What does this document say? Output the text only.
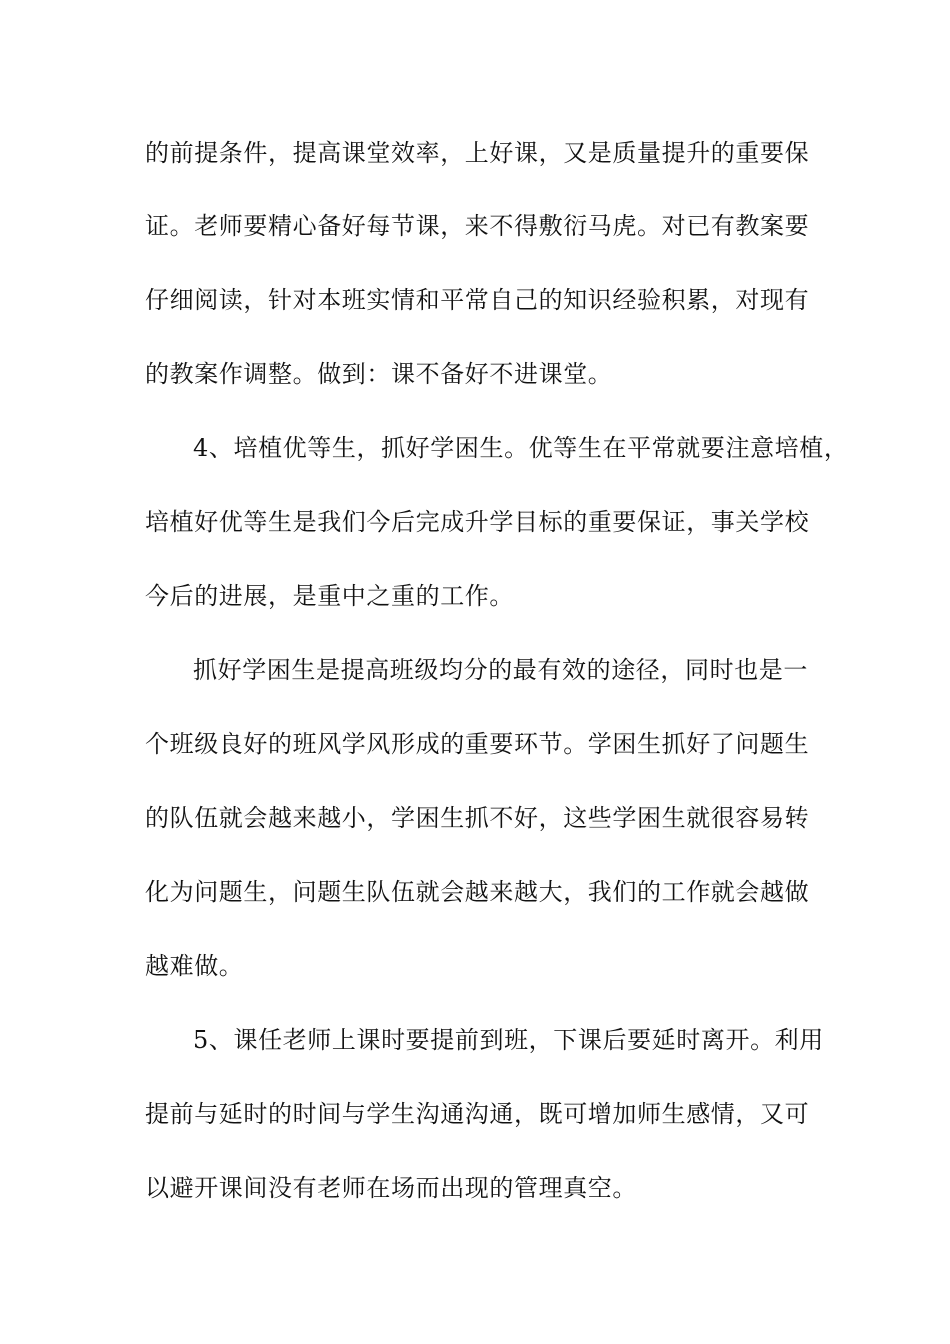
的前提条件，提高课堂效率，上好课，又是质量提升的重要保
证。老师要精心备好每节课，来不得敷衍马虎。对已有教案要
仔细阅读，针对本班实情和平常自己的知识经验积累，对现有
的教案作调整。做到：课不备好不进课堂。
4、培植优等生，抓好学困生。优等生在平常就要注意培植，
培植好优等生是我们今后完成升学目标的重要保证，事关学校
今后的进展，是重中之重的工作。
抓好学困生是提高班级均分的最有效的途径，同时也是一
个班级良好的班风学风形成的重要环节。学困生抓好了问题生
的队伍就会越来越小，学困生抓不好，这些学困生就很容易转
化为问题生，问题生队伍就会越来越大，我们的工作就会越做
越难做。
5、课任老师上课时要提前到班，下课后要延时离开。利用
提前与延时的时间与学生沟通沟通，既可增加师生感情，又可
以避开课间没有老师在场而出现的管理真空。
